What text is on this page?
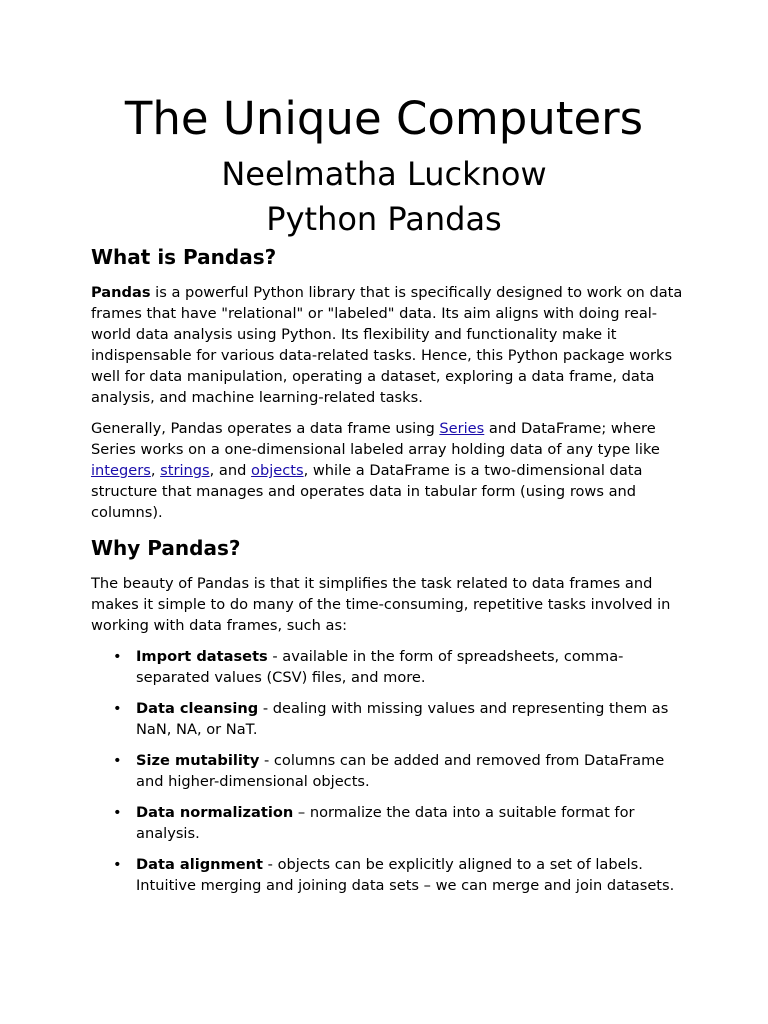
The Unique Computers
Neelmatha Lucknow
Python Pandas
What is Pandas?

Pandas is a powerful Python library that is specifically designed to work on data frames that have "relational" or "labeled" data. Its aim aligns with doing real-world data analysis using Python. Its flexibility and functionality make it indispensable for various data-related tasks. Hence, this Python package works well for data manipulation, operating a dataset, exploring a data frame, data analysis, and machine learning-related tasks.

Generally, Pandas operates a data frame using Series and DataFrame; where Series works on a one-dimensional labeled array holding data of any type like integers, strings, and objects, while a DataFrame is a two-dimensional data structure that manages and operates data in tabular form (using rows and columns).

Why Pandas?

The beauty of Pandas is that it simplifies the task related to data frames and makes it simple to do many of the time-consuming, repetitive tasks involved in working with data frames, such as:

• Import datasets - available in the form of spreadsheets, comma-separated values (CSV) files, and more.
• Data cleansing - dealing with missing values and representing them as NaN, NA, or NaT.
• Size mutability - columns can be added and removed from DataFrame and higher-dimensional objects.
• Data normalization – normalize the data into a suitable format for analysis.
• Data alignment - objects can be explicitly aligned to a set of labels. Intuitive merging and joining data sets – we can merge and join datasets.
